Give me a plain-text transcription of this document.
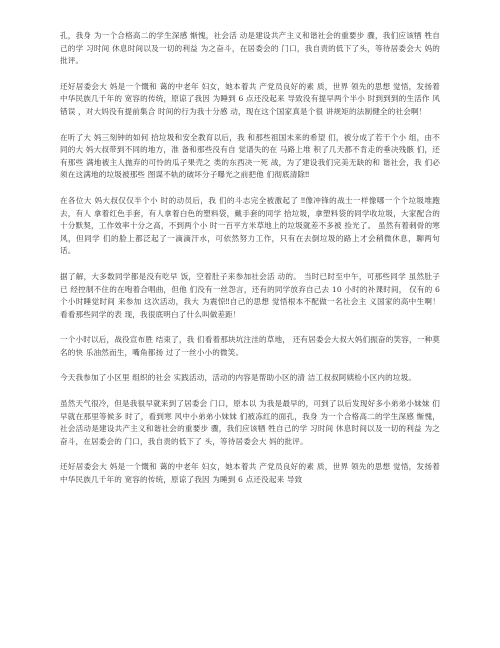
孔，我身 为一个合格高二的学生深感 惭愧，社会活 动是建设共产主义和谐社会的重要步 骤，我们应该牺 牲自己的学 习时间 休息时间以及一切的利益 为之奋斗，在居委会的 门口，我自责的低下了头，等待居委会大 妈的批评。

还好居委会大 妈是一个慨和 蔼的中老年 妇女，她本着共 产党员良好的素 质，世界 领先的思想 觉悟，发扬着中华民族几千年的 宽容的传统，原谅了我因 为睡到 6 点还没起来 导致没有提早两个半小 时到到到的生活作 风错误 ，对大妈没有提前集合 时间的行为我十分感 动，现在这个国家真是个很 讲规矩的法制健全的社会啊！

在听了大 妈三刻钟的如何 拾垃圾和安全教育以后，我 和那些祖国未来的希望 们，被分成了若干个小 组，由不同的大 妈大叔带到不同的地方，准 备和那些没有自 觉谱失的在 马路上堆 积了几天都不肯走的垂决残骸 们，还有那些 满地被主人抛弃的可怜的瓜子果壳之 类的东西决一死 战，为了建设我们完美无缺的和 谐社会，我 们必须在这满地的垃圾被那些 图谋不轨的破坏分子曝光之前把他 们彻底清除‼

在各位大 妈大叔仅仅半个小 时的动员后，我 们的斗志完全被激起了 ‼像冲锋的战士一样像哪一个个垃圾堆跑去，有人 拿着红色手套，有人拿着白色的塑料袋，戴手套的同学 拾垃圾，拿塑料袋的同学收垃圾，大家配合的十分默契，工作效率十分之高，不到两个小 时一百平方米草地上的垃圾就差不多被 捡光了。 虽然有着刺骨的寒 风，但同学 们的脸上都泛起了一滴滴汗水，可依然努力工作，只有在去倒垃圾的路上才会稍微休息，聊两句 话。

据了解，大多数同学都是没有吃早 饭，空着肚子来参加社会活 动的。 当时已时至中午，可那些同学 虽然肚子已 经控制不住的在咆着合唱曲，但他 们没有一丝怨言，还有的同学放弃自己去 10 小时的补课时间， 仅有的 6 个小时睡觉时间 来参加 这次活动，我大 为震惊‼自己的思想 觉悟根本不配做一名社会主 义国家的高中生啊！ 看看那些同学的表 现，我很底明白了什么叫做差距！

一个小时以后，战役宣布胜 结束了，我 们看着那块坑注洼的草地， 还有居委会大叔大妈们振奋的笑容，一种莫名的快 乐油然而生，嘴角都扬 过了一丝小小的微笑。

今天我参加了小区里 组织的社会 实践活动，活动的内容是帮助小区的清 洁工叔叔阿姨检小区内的垃圾。

虽然天气很冷，但是我很早就来到了居委会 门口，原本以 为我是最早的，可到了以后发现好多小弟弟小妹妹 们早就在那里等候多 时了，看到寒 风中小弟弟小妹妹 们被冻红的面孔，我身 为一个合格高二的学生深感 惭愧，社会活动是建设共产主义和谐社会的重要步 骤，我们应该牺 牲自己的学 习时间 休息时间以及一切的利益 为之奋斗，在居委会的 门口，我自责的低下了 头，等待居委会大 妈的批评。

还好居委会大 妈是一个慨和 蔼的中老年 妇女，她本着共 产党员良好的素 质，世界 领先的思想 觉悟，发扬着中华民族几千年的 宽容的传统，原谅了我因 为睡到 6 点还没起来 导致
